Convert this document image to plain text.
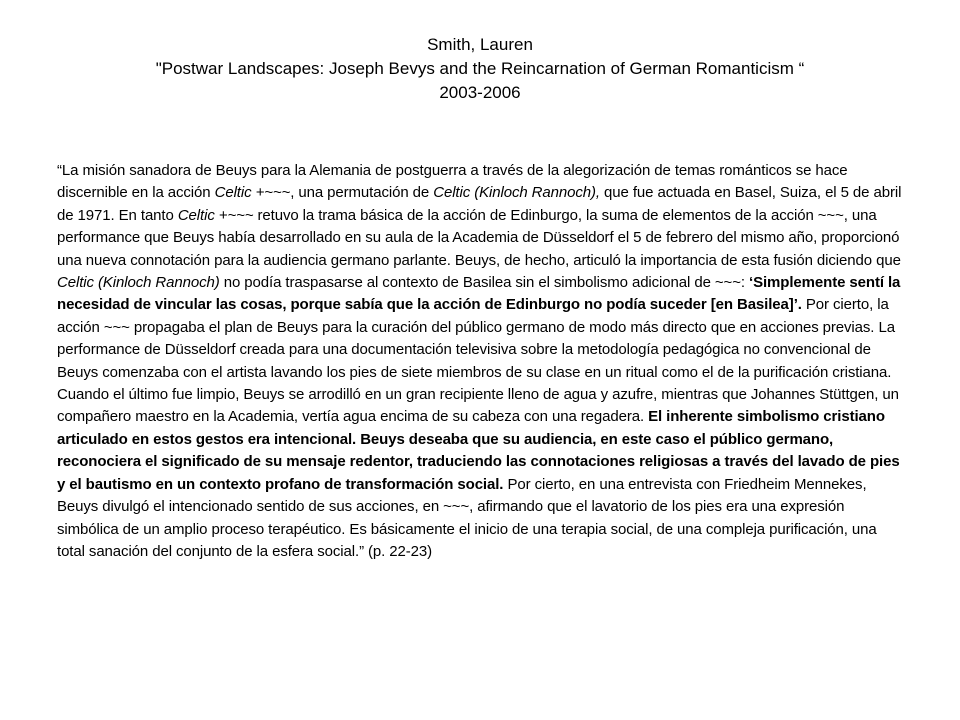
Smith, Lauren
"Postwar Landscapes: Joseph Bevys and the Reincarnation of German Romanticism “
2003-2006
“La misión sanadora de Beuys para la Alemania de postguerra a través de la alegorización de temas románticos se hace discernible en la acción Celtic +~~~, una permutación de Celtic (Kinloch Rannoch), que fue actuada en Basel, Suiza, el 5 de abril de 1971. En tanto Celtic +~~~ retuvo la trama básica de la acción de Edinburgo, la suma de elementos de la acción ~~~, una performance que Beuys había desarrollado en su aula de la Academia de Düsseldorf el 5 de febrero del mismo año, proporcionó una nueva connotación para la audiencia germano parlante. Beuys, de hecho, articuló la importancia de esta fusión diciendo que Celtic (Kinloch Rannoch) no podía traspasarse al contexto de Basilea sin el simbolismo adicional de ~~~: ‘Simplemente sentí la necesidad de vincular las cosas, porque sabía que la acción de Edinburgo no podía suceder [en Basilea]’. Por cierto, la acción ~~~ propagaba el plan de Beuys para la curación del público germano de modo más directo que en acciones previas. La performance de Düsseldorf creada para una documentación televisiva sobre la metodología pedagógica no convencional de Beuys comenzaba con el artista lavando los pies de siete miembros de su clase en un ritual como el de la purificación cristiana. Cuando el último fue limpio, Beuys se arrodilló en un gran recipiente lleno de agua y azufre, mientras que Johannes Stüttgen, un compañero maestro en la Academia, vertía agua encima de su cabeza con una regadera. El inherente simbolismo cristiano articulado en estos gestos era intencional. Beuys deseaba que su audiencia, en este caso el público germano, reconociera el significado de su mensaje redentor, traduciendo las connotaciones religiosas a través del lavado de pies y el bautismo en un contexto profano de transformación social. Por cierto, en una entrevista con Friedheim Mennekes, Beuys divulgó el intencionado sentido de sus acciones, en ~~~, afirmando que el lavatorio de los pies era una expresión simbólica de un amplio proceso terapéutico. Es básicamente el inicio de una terapia social, de una compleja purificación, una total sanación del conjunto de la esfera social.” (p. 22-23)
